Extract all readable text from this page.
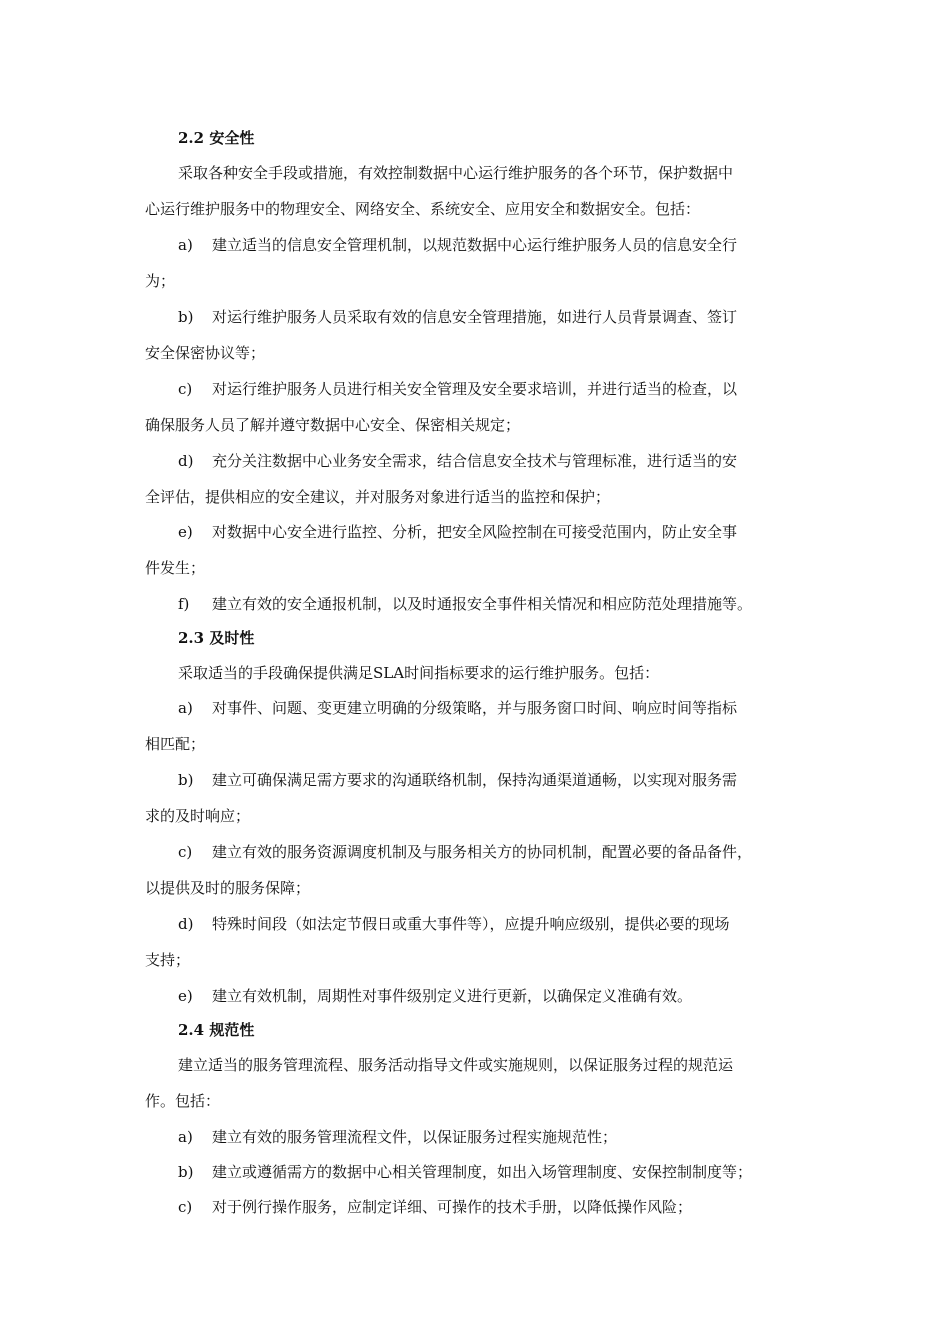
2.2 安全性
采取各种安全手段或措施，有效控制数据中心运行维护服务的各个环节，保护数据中
心运行维护服务中的物理安全、网络安全、系统安全、应用安全和数据安全。包括：
a)	建立适当的信息安全管理机制，以规范数据中心运行维护服务人员的信息安全行
为；
b)	对运行维护服务人员采取有效的信息安全管理措施，如进行人员背景调查、签订
安全保密协议等；
c)	对运行维护服务人员进行相关安全管理及安全要求培训，并进行适当的检查，以
确保服务人员了解并遵守数据中心安全、保密相关规定；
d)	充分关注数据中心业务安全需求，结合信息安全技术与管理标准，进行适当的安
全评估，提供相应的安全建议，并对服务对象进行适当的监控和保护；
e)	对数据中心安全进行监控、分析，把安全风险控制在可接受范围内，防止安全事
件发生；
f)	建立有效的安全通报机制，以及时通报安全事件相关情况和相应防范处理措施等。
2.3 及时性
采取适当的手段确保提供满足SLA时间指标要求的运行维护服务。包括：
a)	对事件、问题、变更建立明确的分级策略，并与服务窗口时间、响应时间等指标
相匹配；
b)	建立可确保满足需方要求的沟通联络机制，保持沟通渠道通畅，以实现对服务需
求的及时响应；
c)	建立有效的服务资源调度机制及与服务相关方的协同机制，配置必要的备品备件，
以提供及时的服务保障；
d)	特殊时间段（如法定节假日或重大事件等），应提升响应级别，提供必要的现场
支持；
e)	建立有效机制，周期性对事件级别定义进行更新，以确保定义准确有效。
2.4 规范性
建立适当的服务管理流程、服务活动指导文件或实施规则，以保证服务过程的规范运
作。包括：
a)	建立有效的服务管理流程文件，以保证服务过程实施规范性；
b)	建立或遵循需方的数据中心相关管理制度，如出入场管理制度、安保控制制度等；
c)	对于例行操作服务，应制定详细、可操作的技术手册，以降低操作风险；
